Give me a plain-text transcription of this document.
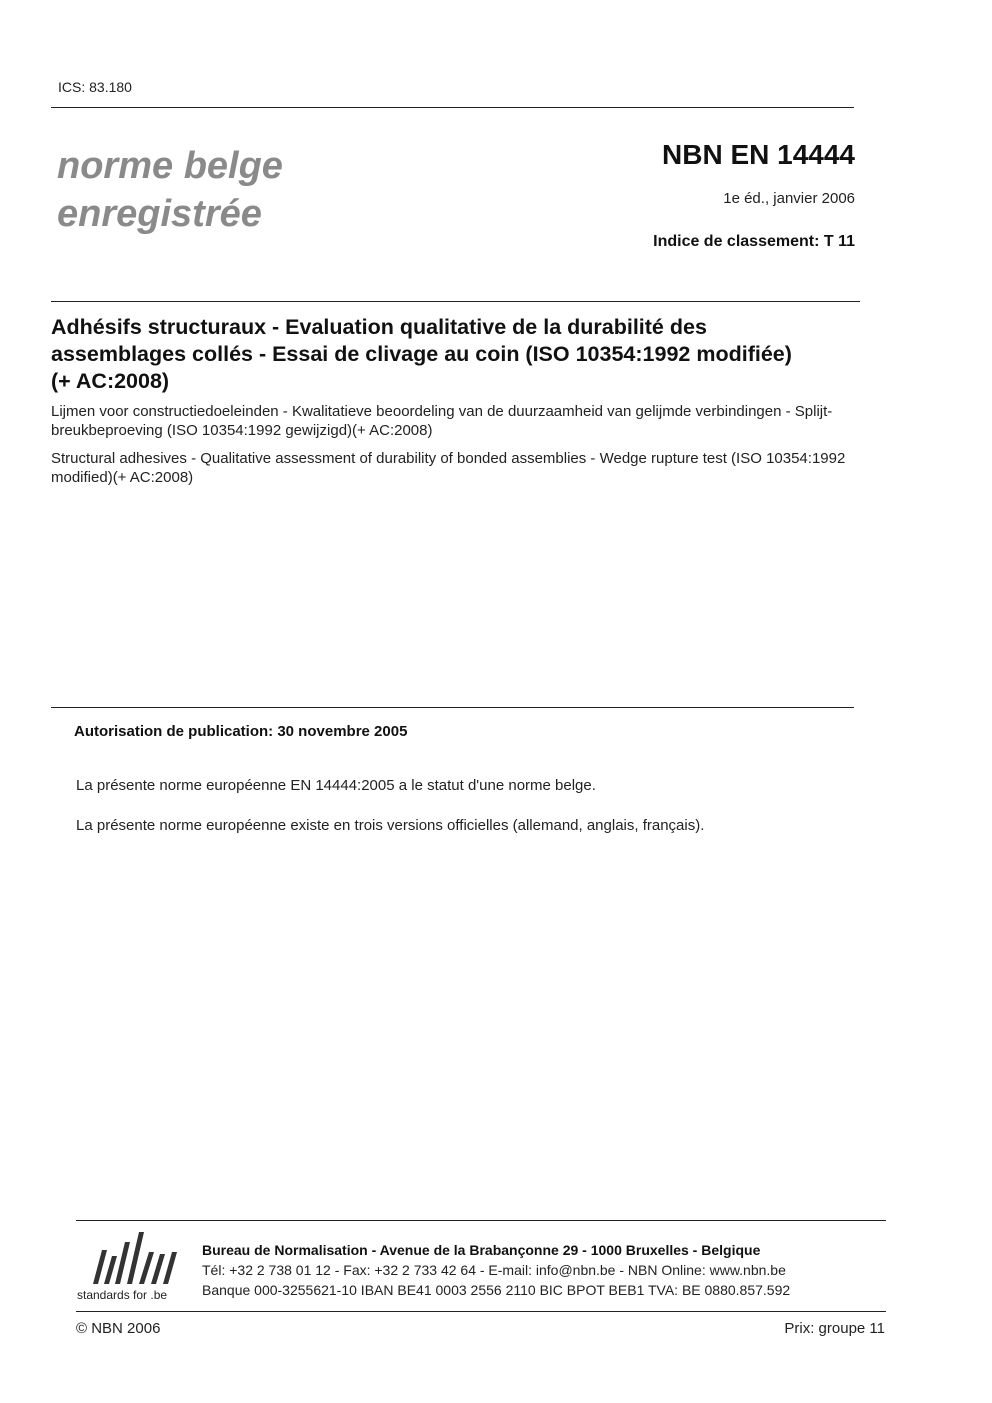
ICS: 83.180
norme belge
enregistrée
NBN EN 14444
1e éd., janvier 2006
Indice de classement: T 11
Adhésifs structuraux - Evaluation qualitative de la durabilité des assemblages collés - Essai de clivage au coin (ISO 10354:1992 modifiée)(+ AC:2008)
Lijmen voor constructiedoeleinden - Kwalitatieve beoordeling van de duurzaamheid van gelijmde verbindingen - Splijt-breukbeproeving (ISO 10354:1992 gewijzigd)(+ AC:2008)
Structural adhesives - Qualitative assessment of durability of bonded assemblies - Wedge rupture test (ISO 10354:1992 modified)(+ AC:2008)
Autorisation de publication: 30 novembre 2005
La présente norme européenne EN 14444:2005 a le statut d'une norme belge.
La présente norme européenne existe en trois versions officielles (allemand, anglais, français).
standards for .be
Bureau de Normalisation - Avenue de la Brabançonne 29 - 1000 Bruxelles - Belgique
Tél: +32 2 738 01 12 - Fax: +32 2 733 42 64 - E-mail: info@nbn.be - NBN Online: www.nbn.be
Banque 000-3255621-10 IBAN BE41 0003 2556 2110 BIC BPOT BEB1 TVA: BE 0880.857.592
© NBN 2006	Prix: groupe 11
